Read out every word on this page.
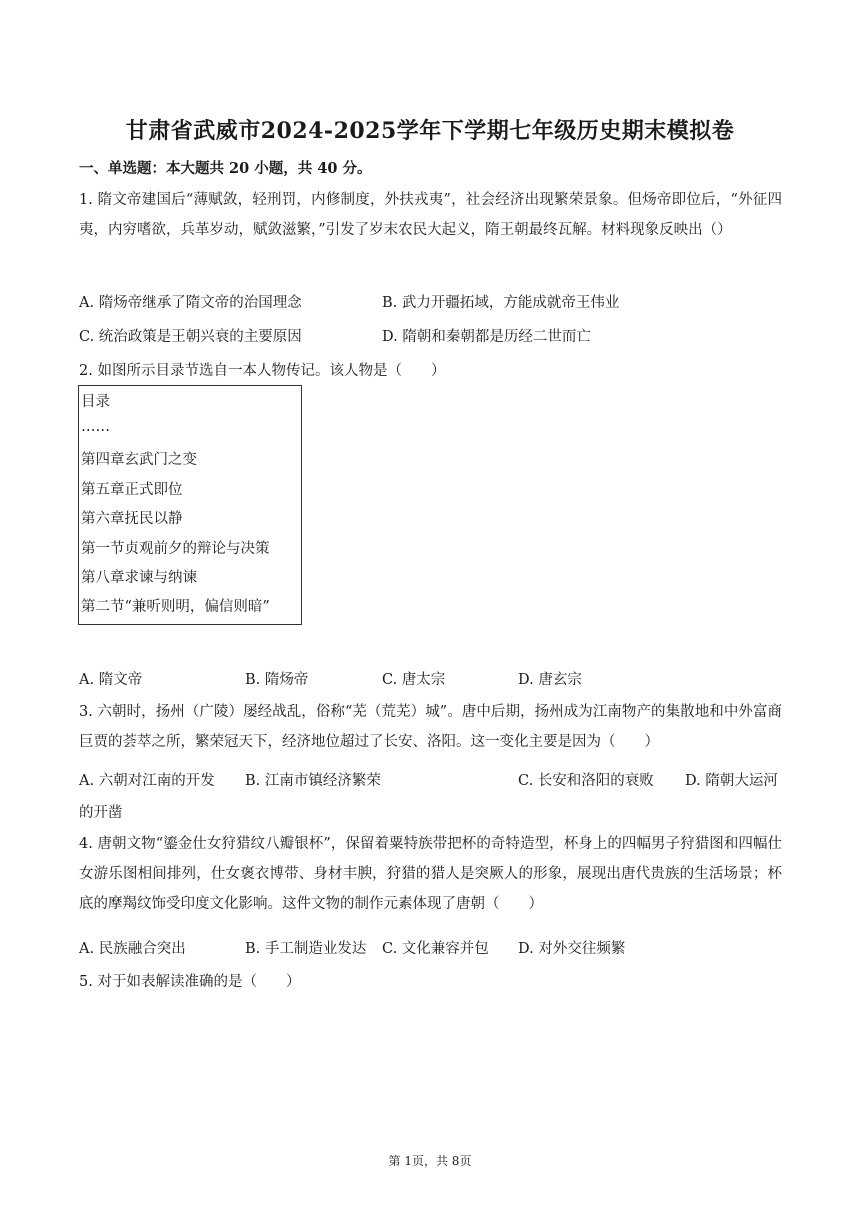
甘肃省武威市2024-2025学年下学期七年级历史期末模拟卷
一、单选题：本大题共 20 小题，共 40 分。
1. 隋文帝建国后“薄赋敛，轻刑罚，内修制度，外扶戎夷”，社会经济出现繁荣景象。但炀帝即位后，“外征四夷，内穷嗜欲，兵革岁动，赋敛滋繁，”引发了岁末农民大起义，隋王朝最终瓦解。材料现象反映出（）
A. 隋炀帝继承了隋文帝的治国理念	B. 武力开疆拓域，方能成就帝王伟业
C. 统治政策是王朝兴衰的主要原因	D. 隋朝和秦朝都是历经二世而亡
2. 如图所示目录节选自一本人物传记。该人物是（　　）
目录
……
第四章玄武门之变
第五章正式即位
第六章抚民以静
第一节贞观前夕的辩论与决策
第八章求谏与纳谏
第二节“兼听则明，偏信则暗”
A. 隋文帝	B. 隋炀帝	C. 唐太宗	D. 唐玄宗
3. 六朝时，扬州（广陵）屡经战乱，俗称“芜（荒芜）城”。唐中后期，扬州成为江南物产的集散地和中外富商巨贾的荟萃之所，繁荣冠天下，经济地位超过了长安、洛阳。这一变化主要是因为（　　）
A. 六朝对江南的开发 B. 江南市镇经济繁荣	C. 长安和洛阳的衰败 D. 隋朝大运河
的开凿
4. 唐朝文物“鎏金仕女狩猎纹八瓣银杯”，保留着粟特族带把杯的奇特造型，杯身上的四幅男子狩猎图和四幅仕女游乐图相间排列，仕女褒衣博带、身材丰腴，狩猎的猎人是突厥人的形象，展现出唐代贵族的生活场景；杯底的摩羯纹饰受印度文化影响。这件文物的制作元素体现了唐朝（　　）
A. 民族融合突出	B. 手工制造业发达 C. 文化兼容并包 D. 对外交往频繁
5. 对于如表解读准确的是（　　）
第 1页，共 8页
